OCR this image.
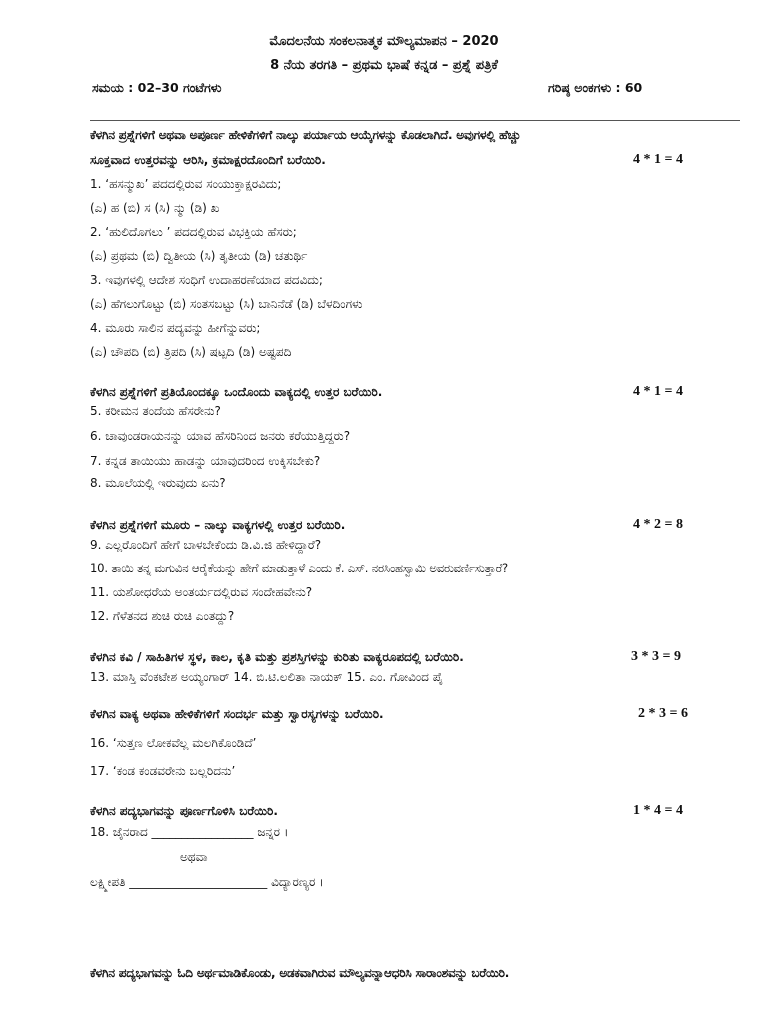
ಮೊದಲನೆಯ ಸಂಕಲನಾತ್ಮಕ ಮೌಲ್ಯಮಾಪನ – 2020
8 ನೆಯ ತರಗತಿ – ಪ್ರಥಮ ಭಾಷೆ ಕನ್ನಡ – ಪ್ರಶ್ನೆ ಪತ್ರಿಕೆ
ಸಮಯ : 02–30 ಗಂಟೆಗಳು	ಗರಿಷ್ಠ ಅಂಕಗಳು : 60
ಕೆಳಗಿನ ಪ್ರಶ್ನೆಗಳಿಗೆ ಅಥವಾ ಅಪೂರ್ಣ ಹೇಳಿಕೆಗಳಿಗೆ ನಾಲ್ಕು ಪರ್ಯಾಯ ಆಯ್ಕೆಗಳನ್ನು ಕೊಡಲಾಗಿದೆ. ಅವುಗಳಲ್ಲಿ ಹೆಚ್ಚು
ಸೂಕ್ತವಾದ ಉತ್ತರವನ್ನು ಆರಿಸಿ, ಕ್ರಮಾಕ್ಷರದೊಂದಿಗೆ ಬರೆಯಿರಿ.	4 * 1 = 4
1. ‘ಹಸನ್ಮುಖ’ ಪದದಲ್ಲಿರುವ ಸಂಯುಕ್ತಾಕ್ಷರವಿದು;
(ಎ) ಹ (ಬಿ) ಸ (ಸಿ) ನ್ಮು (ಡಿ) ಖ
2. ‘ಹುಲಿದೊಗಲು ’ ಪದದಲ್ಲಿರುವ ವಿಭಕ್ತಿಯ ಹೆಸರು;
(ಎ) ಪ್ರಥಮ (ಬಿ) ದ್ವಿತೀಯ (ಸಿ) ತೃತೀಯ (ಡಿ) ಚತುರ್ಥಿ
3. ಇವುಗಳಲ್ಲಿ ಆದೇಶ ಸಂಧಿಗೆ ಉದಾಹರಣೆಯಾದ ಪದವಿದು;
(ಎ) ಹೆಗಲುಗೊಟ್ಟು (ಬಿ) ಸಂತಸಬಟ್ಟು (ಸಿ) ಬಾನಿನೆಡೆ (ಡಿ) ಬೆಳದಿಂಗಳು
4. ಮೂರು ಸಾಲಿನ ಪದ್ಯವನ್ನು ಹೀಗೆನ್ನುವರು;
(ಎ) ಚೌಪದಿ (ಬಿ) ತ್ರಿಪದಿ (ಸಿ) ಷಟ್ಪದಿ (ಡಿ) ಅಷ್ಟಪದಿ
ಕೆಳಗಿನ ಪ್ರಶ್ನೆಗಳಿಗೆ ಪ್ರತಿಯೊಂದಕ್ಕೂ ಒಂದೊಂದು ವಾಕ್ಯದಲ್ಲಿ ಉತ್ತರ ಬರೆಯಿರಿ.	4 * 1 = 4
5. ಕರೀಮನ ತಂದೆಯ ಹೆಸರೇನು?
6. ಚಾವುಂಡರಾಯನನ್ನು ಯಾವ ಹೆಸರಿನಿಂದ ಜನರು ಕರೆಯುತ್ತಿದ್ದರು?
7. ಕನ್ನಡ ತಾಯಿಯು ಹಾಡನ್ನು ಯಾವುದರಿಂದ ಉಕ್ಕಿಸಬೇಕು?
8. ಮೂಲೆಯಲ್ಲಿ ಇರುವುದು ಏನು?
ಕೆಳಗಿನ ಪ್ರಶ್ನೆಗಳಿಗೆ ಮೂರು – ನಾಲ್ಕು ವಾಕ್ಯಗಳಲ್ಲಿ ಉತ್ತರ ಬರೆಯಿರಿ.	4 * 2 = 8
9. ಎಲ್ಲರೊಂದಿಗೆ ಹೇಗೆ ಬಾಳಬೇಕೆಂದು ಡಿ.ವಿ.ಜಿ ಹೇಳಿದ್ದಾರೆ?
10. ತಾಯಿ ತನ್ನ ಮಗುವಿನ ಆರೈಕೆಯನ್ನು ಹೇಗೆ ಮಾಡುತ್ತಾಳೆ ಎಂದು ಕೆ. ಎಸ್. ನರಸಿಂಹಸ್ವಾಮಿ ಅವರುವರ್ಣಿಸುತ್ತಾರೆ?
11. ಯಶೋಧರೆಯ ಅಂತರ್ಯದಲ್ಲಿರುವ ಸಂದೇಹವೇನು?
12. ಗೆಳೆತನದ ಶುಚಿ ರುಚಿ ಎಂತದ್ದು?
ಕೆಳಗಿನ ಕವಿ / ಸಾಹಿತಿಗಳ ಸ್ಥಳ, ಕಾಲ, ಕೃತಿ ಮತ್ತು ಪ್ರಶಸ್ತಿಗಳನ್ನು ಕುರಿತು ವಾಕ್ಯರೂಪದಲ್ಲಿ ಬರೆಯಿರಿ.	3 * 3 = 9
13. ಮಾಸ್ತಿ ವೆಂಕಟೇಶ ಅಯ್ಯಂಗಾರ್ 14. ಬಿ.ಟಿ.ಲಲಿತಾ ನಾಯಕ್ 15. ಎಂ. ಗೋವಿಂದ ಪೈ
ಕೆಳಗಿನ ವಾಕ್ಯ ಅಥವಾ ಹೇಳಿಕೆಗಳಿಗೆ ಸಂದರ್ಭ ಮತ್ತು ಸ್ವಾರಸ್ಯಗಳನ್ನು ಬರೆಯಿರಿ.	2 * 3 = 6
16. ‘ಸುತ್ತಣ ಲೋಕವೆಲ್ಲ ಮಲಗಿಕೊಂಡಿದೆ’
17. ‘ಕಂಡ ಕಂಡವರೇನು ಬಲ್ಲರಿದನು’
ಕೆಳಗಿನ ಪದ್ಯಭಾಗವನ್ನು ಪೂರ್ಣಗೊಳಿಸಿ ಬರೆಯಿರಿ.	1 * 4 = 4
18. ಜೈನರಾದ _________________ ಜನ್ನರ ।
ಅಥವಾ
ಲಕ್ಷ್ಮೀಪತಿ _______________________ ವಿದ್ಯಾರಣ್ಯರ ।
ಕೆಳಗಿನ ಪದ್ಯಭಾಗವನ್ನು ಓದಿ ಅರ್ಥಮಾಡಿಕೊಂಡು, ಅಡಕವಾಗಿರುವ ಮೌಲ್ಯವನ್ನಾಆಧರಿಸಿ ಸಾರಾಂಶವನ್ನು ಬರೆಯಿರಿ.
